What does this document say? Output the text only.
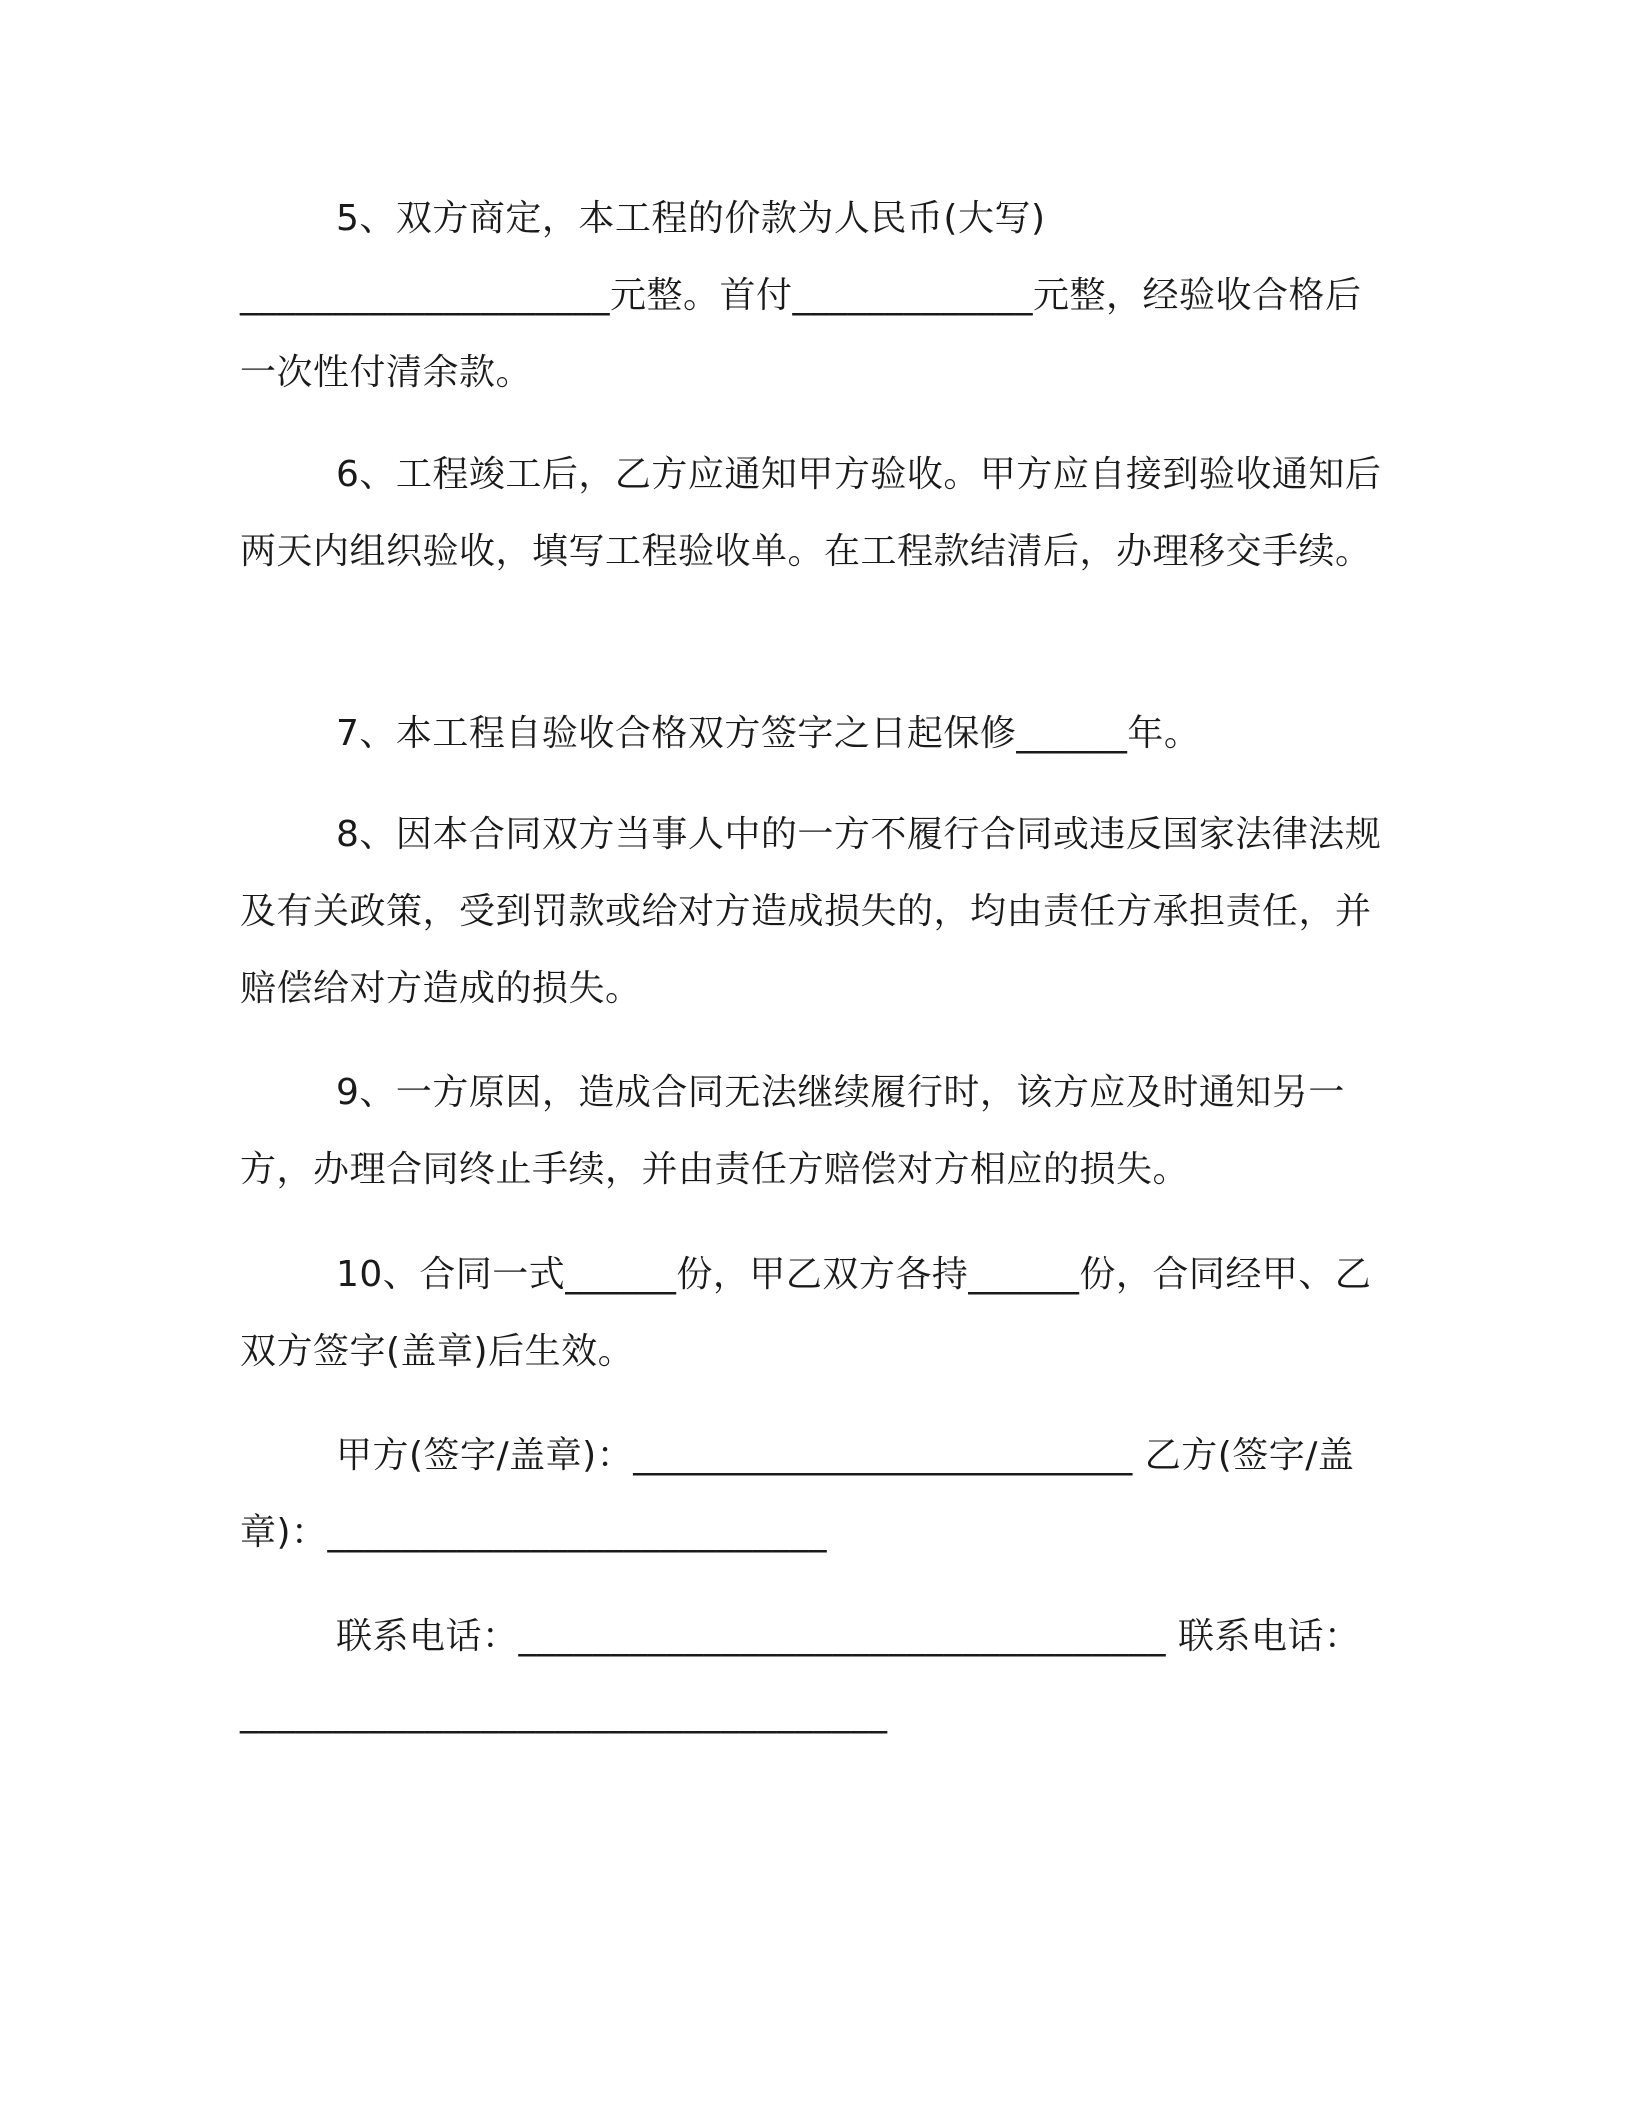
5、双方商定，本工程的价款为人民币(大写)____________________元整。首付_____________元整，经验收合格后一次性付清余款。

6、工程竣工后，乙方应通知甲方验收。甲方应自接到验收通知后两天内组织验收，填写工程验收单。在工程款结清后，办理移交手续。

7、本工程自验收合格双方签字之日起保修______年。

8、因本合同双方当事人中的一方不履行合同或违反国家法律法规及有关政策，受到罚款或给对方造成损失的，均由责任方承担责任，并赔偿给对方造成的损失。

9、一方原因，造成合同无法继续履行时，该方应及时通知另一方，办理合同终止手续，并由责任方赔偿对方相应的损失。

10、合同一式______份，甲乙双方各持______份，合同经甲、乙双方签字(盖章)后生效。

甲方(签字/盖章)：___________________________ 乙方(签字/盖章)：___________________________

联系电话：___________________________________ 联系电话：___________________________________
